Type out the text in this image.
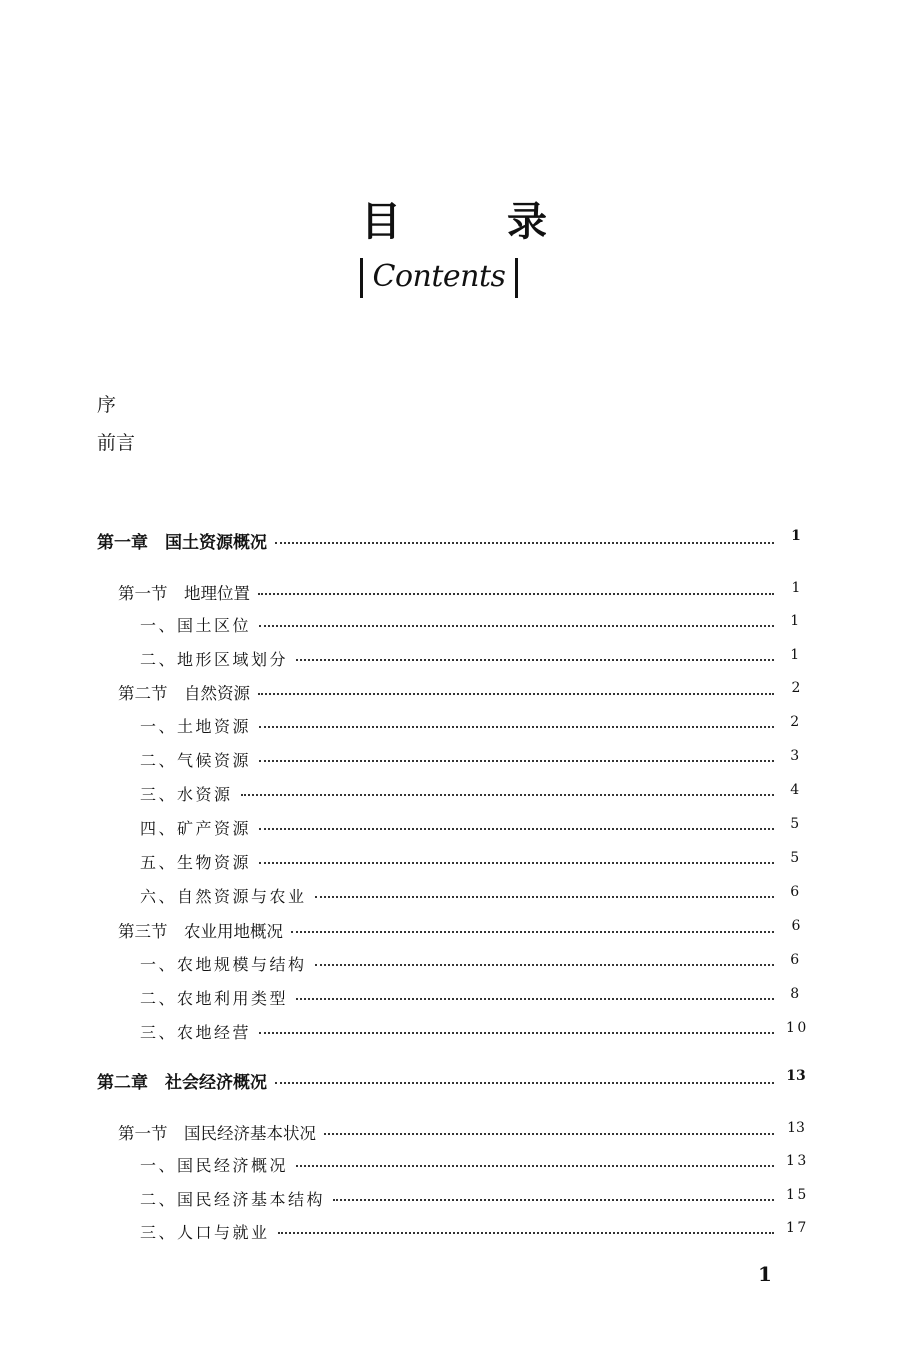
目 录
Contents
序
前言
第一章　国土资源概况	1
第一节　地理位置	1
一、国土区位	1
二、地形区域划分	1
第二节　自然资源	2
一、土地资源	2
二、气候资源	3
三、水资源	4
四、矿产资源	5
五、生物资源	5
六、自然资源与农业	6
第三节　农业用地概况	6
一、农地规模与结构	6
二、农地利用类型	8
三、农地经营	10
第二章　社会经济概况	13
第一节　国民经济基本状况	13
一、国民经济概况	13
二、国民经济基本结构	15
三、人口与就业	17
1
